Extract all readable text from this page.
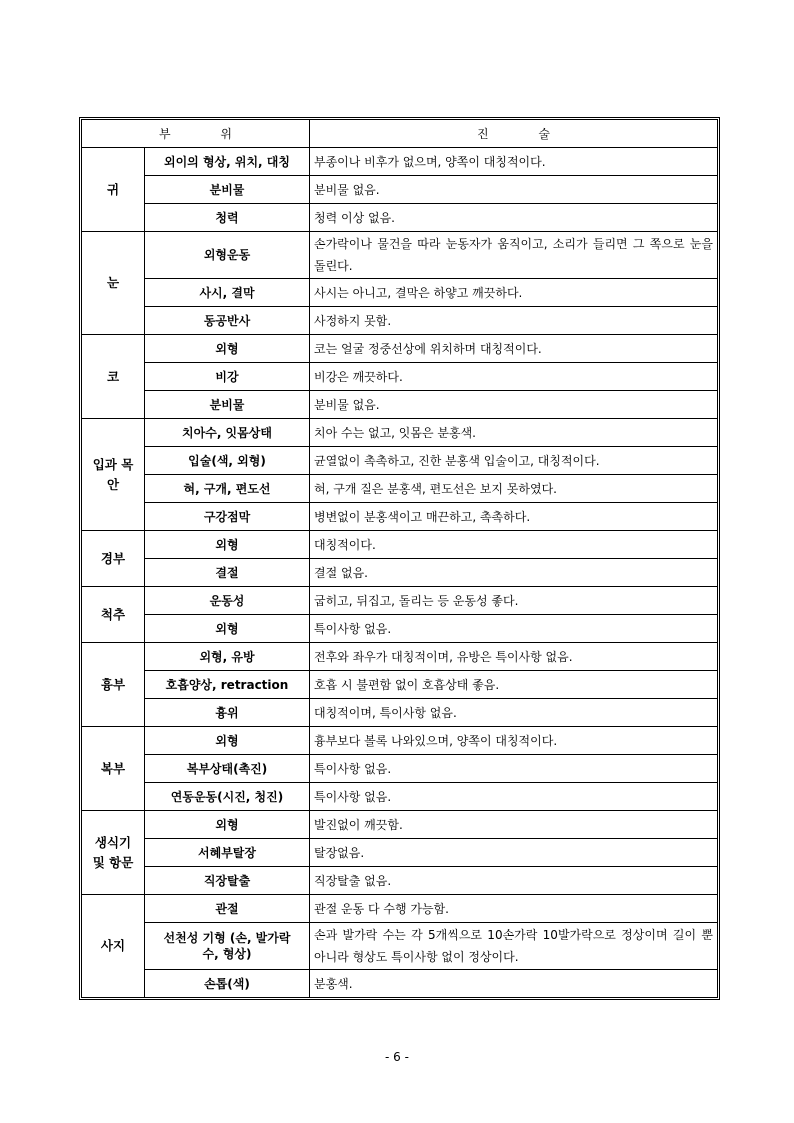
부 위		진 술
귀	외이의 형상, 위치, 대칭	부종이나 비후가 없으며, 양쪽이 대칭적이다.
	분비물	분비물 없음.
	청력	청력 이상 없음.
눈	외형운동	손가락이나 물건을 따라 눈동자가 움직이고, 소리가 들리면 그 쪽으로 눈을 돌린다.
	사시, 결막	사시는 아니고, 결막은 하얗고 깨끗하다.
	동공반사	사정하지 못함.
코	외형	코는 얼굴 정중선상에 위치하며 대칭적이다.
	비강	비강은 깨끗하다.
	분비물	분비물 없음.
입과 목안	치아수, 잇몸상태	치아 수는 없고, 잇몸은 분홍색.
	입술(색, 외형)	균열없이 촉촉하고, 진한 분홍색 입술이고, 대칭적이다.
	혀, 구개, 편도선	혀, 구개 질은 분홍색, 편도선은 보지 못하였다.
	구강점막	병변없이 분홍색이고 매끈하고, 촉촉하다.
경부	외형	대칭적이다.
	결절	결절 없음.
척추	운동성	굽히고, 뒤집고, 돌리는 등 운동성 좋다.
	외형	특이사항 없음.
흉부	외형, 유방	전후와 좌우가 대칭적이며, 유방은 특이사항 없음.
	호흡양상, retraction	호흡 시 불편함 없이 호흡상태 좋음.
	흉위	대칭적이며, 특이사항 없음.
복부	외형	흉부보다 볼록 나와있으며, 양쪽이 대칭적이다.
	복부상태(촉진)	특이사항 없음.
	연동운동(시진, 청진)	특이사항 없음.
생식기 및 항문	외형	발진없이 깨끗함.
	서혜부탈장	탈장없음.
	직장탈출	직장탈출 없음.
사지	관절	관절 운동 다 수행 가능함.
	선천성 기형 (손, 발가락 수, 형상)	손과 발가락 수는 각 5개씩으로 10손가락 10발가락으로 정상이며 길이 뿐 아니라 형상도 특이사항 없이 정상이다.
	손톱(색)	분홍색.
- 6 -
